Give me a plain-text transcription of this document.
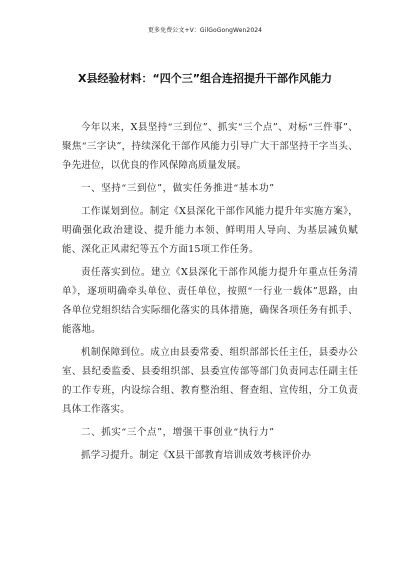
更多免费公文+V：GilGoGongWen2024
X县经验材料：“四个三”组合连招提升干部作风能力

今年以来，X县坚持“三到位”、抓实“三个点”、对标“三件事”、聚焦“三字诀”，持续深化干部作风能力引导广大干部坚持干字当头、争先进位，以优良的作风保障高质量发展。

一、坚持“三到位”，做实任务推进“基本功”

工作谋划到位。制定《X县深化干部作风能力提升年实施方案》，明确强化政治建设、提升能力本领、鲜明用人导向、为基层减负赋能、深化正风肃纪等五个方面15项工作任务。

责任落实到位。建立《X县深化干部作风能力提升年重点任务清单》，逐项明确牵头单位、责任单位，按照“一行业一载体”思路，由各单位党组织结合实际细化落实的具体措施，确保各项任务有抓手、能落地。

机制保障到位。成立由县委常委、组织部部长任主任，县委办公室、县纪委监委、县委组织部、县委宣传部等部门负责同志任副主任的工作专班，内设综合组、教育整治组、督查组、宣传组，分工负责具体工作落实。

二、抓实“三个点”，增强干事创业“执行力”

抓学习提升。制定《X县干部教育培训成效考核评价办
